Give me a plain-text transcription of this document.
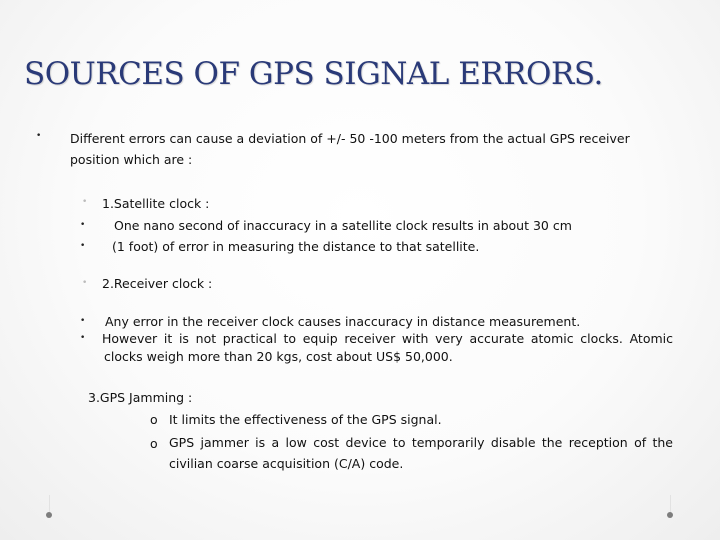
SOURCES OF GPS SIGNAL ERRORS.
• Different errors can cause a deviation of +/- 50 -100 meters from the actual GPS receiver
position which are :
• 1.Satellite clock :
• One nano second of inaccuracy in a satellite clock results in about 30 cm
• (1 foot) of error in measuring the distance to that satellite.
• 2.Receiver clock :
• Any error in the receiver clock causes inaccuracy in distance measurement.
• However it is not practical to equip receiver with very accurate atomic clocks. Atomic
clocks weigh more than 20 kgs, cost about US$ 50,000.
3.GPS Jamming :
o It limits the effectiveness of the GPS signal.
o GPS jammer is a low cost device to temporarily disable the reception of the
civilian coarse acquisition (C/A) code.
